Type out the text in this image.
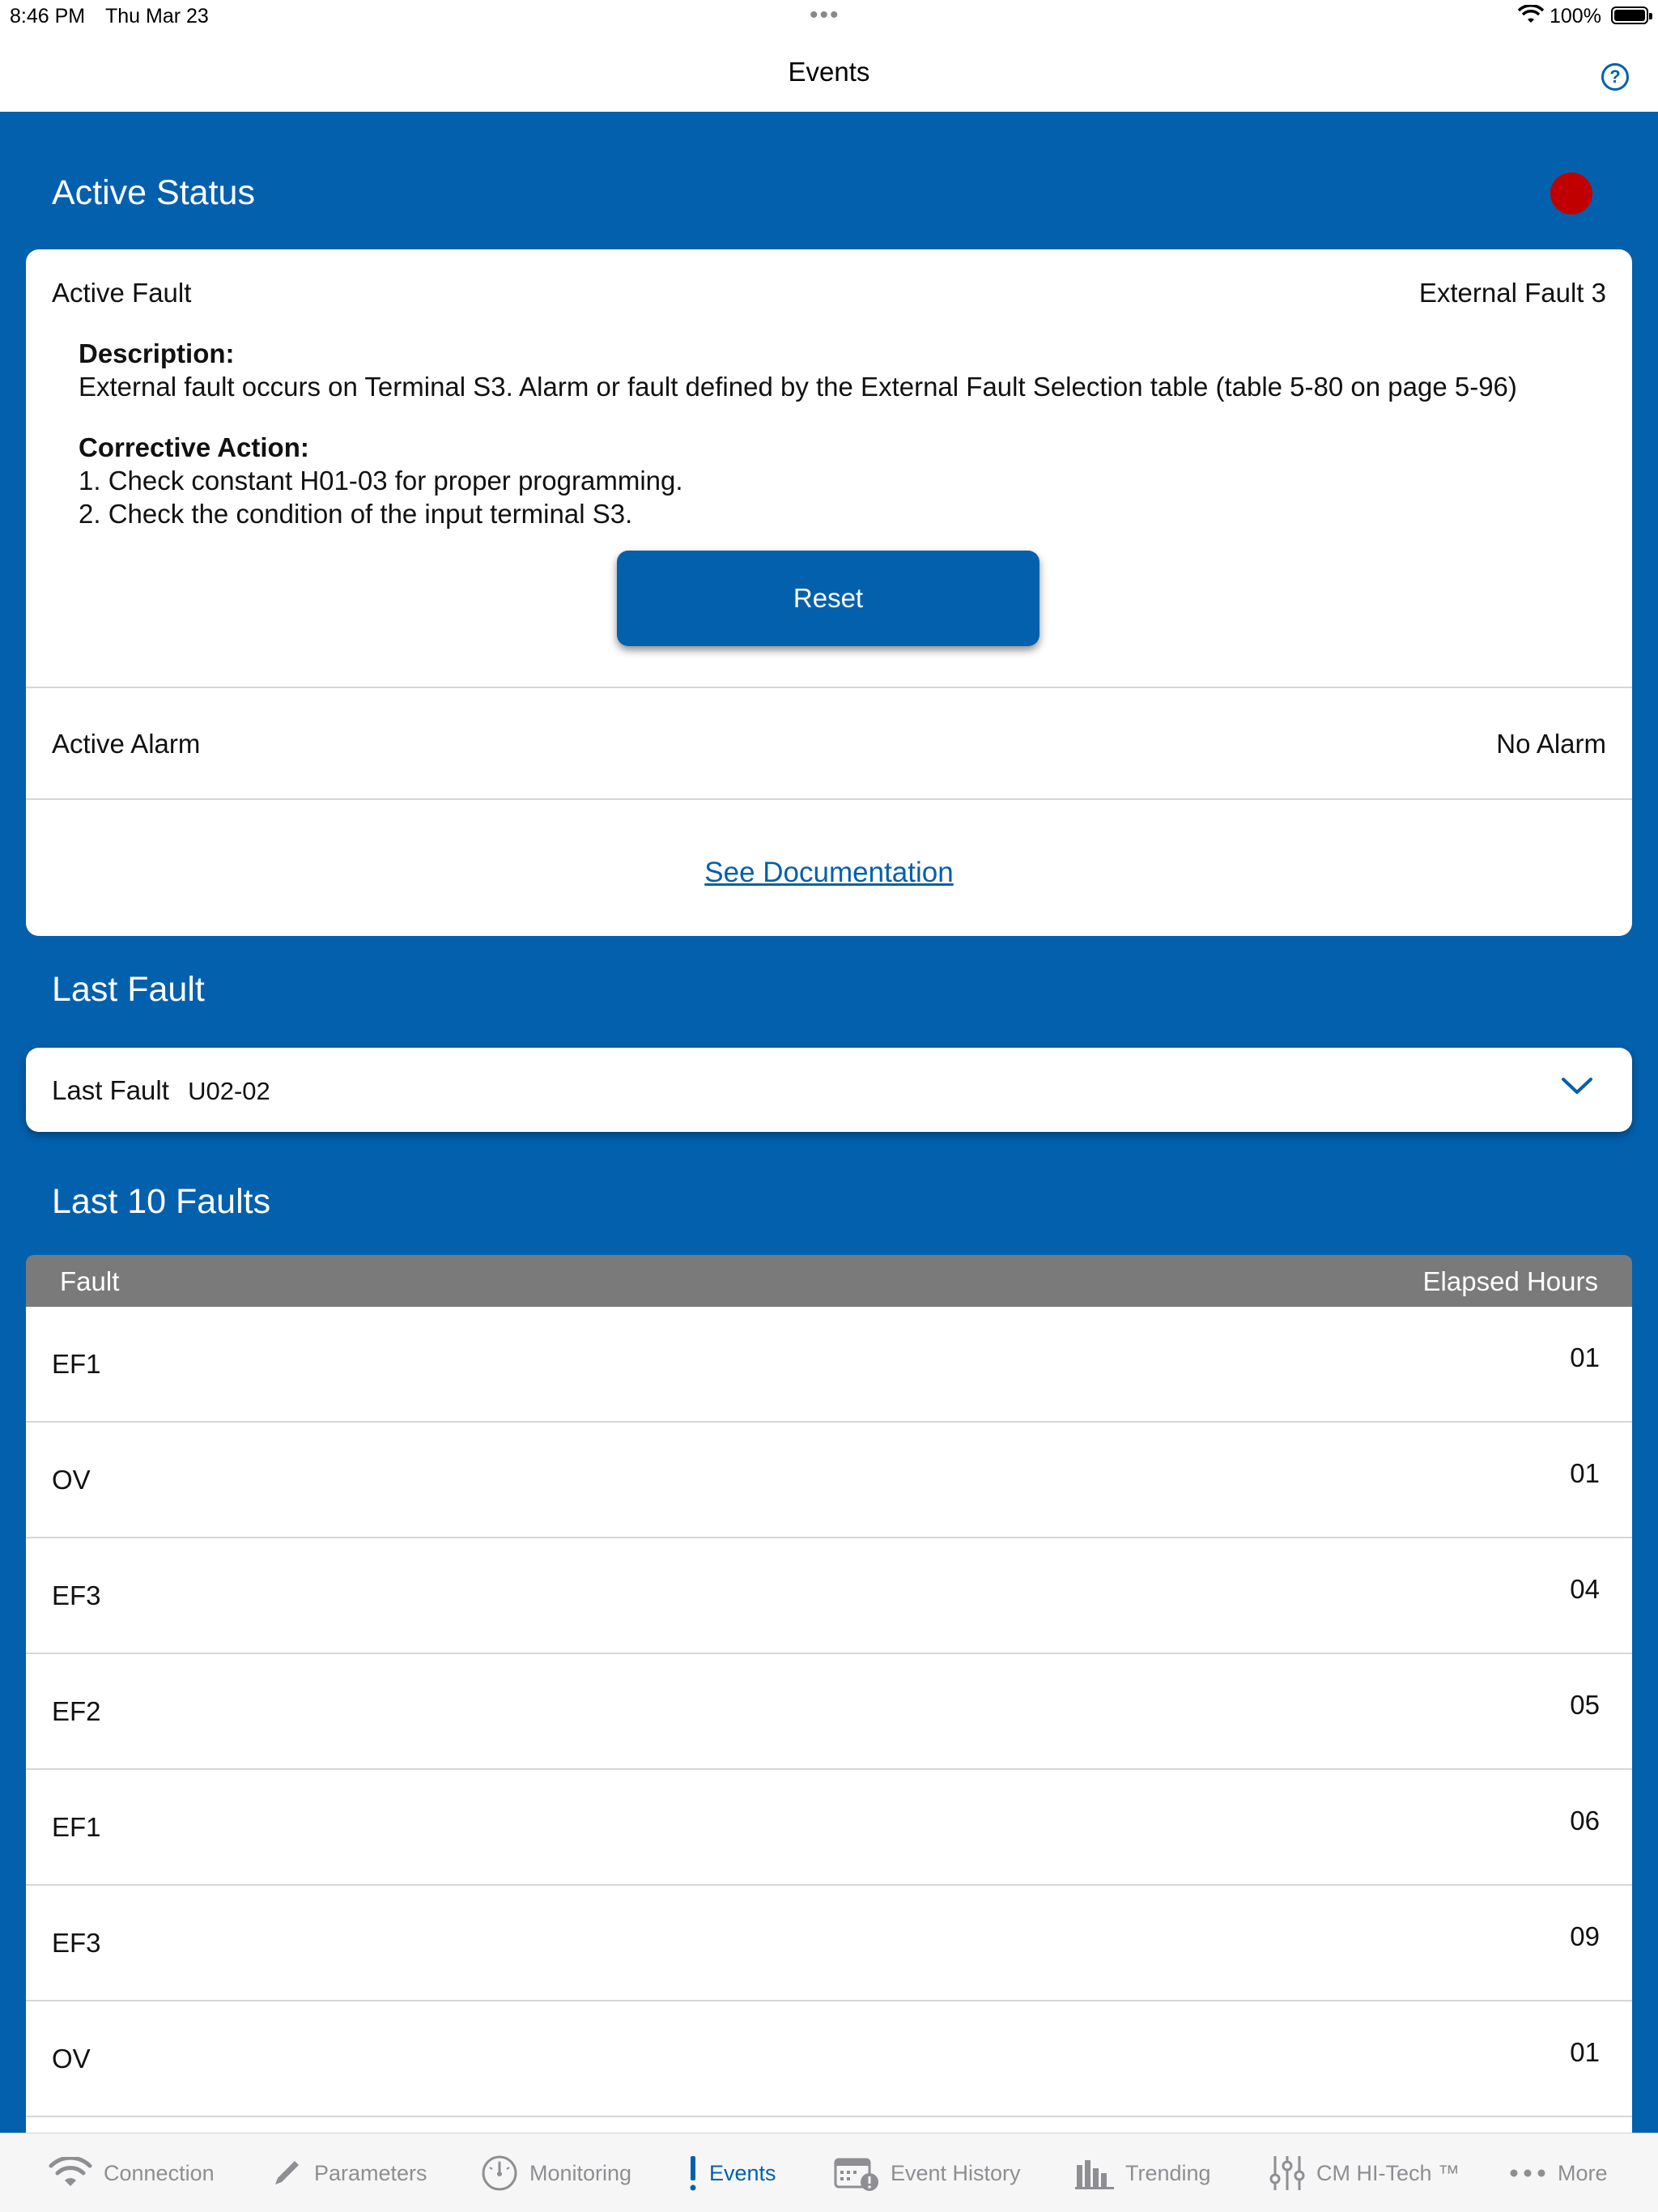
8:46 PM Thu Mar 23	•••	100%
Events	?
Active Status
Active Fault	External Fault 3
Description:
External fault occurs on Terminal S3. Alarm or fault defined by the External Fault Selection table (table 5-80 on page 5-96)
Corrective Action:
1. Check constant H01-03 for proper programming.
2. Check the condition of the input terminal S3.
Reset
Active Alarm	No Alarm
See Documentation
Last Fault
Last Fault U02-02
Last 10 Faults
Fault	Elapsed Hours
EF1	01
OV	01
EF3	04
EF2	05
EF1	06
EF3	09
OV	01
Connection	Parameters	Monitoring	Events	Event History	Trending	CM HI-Tech ™	More
